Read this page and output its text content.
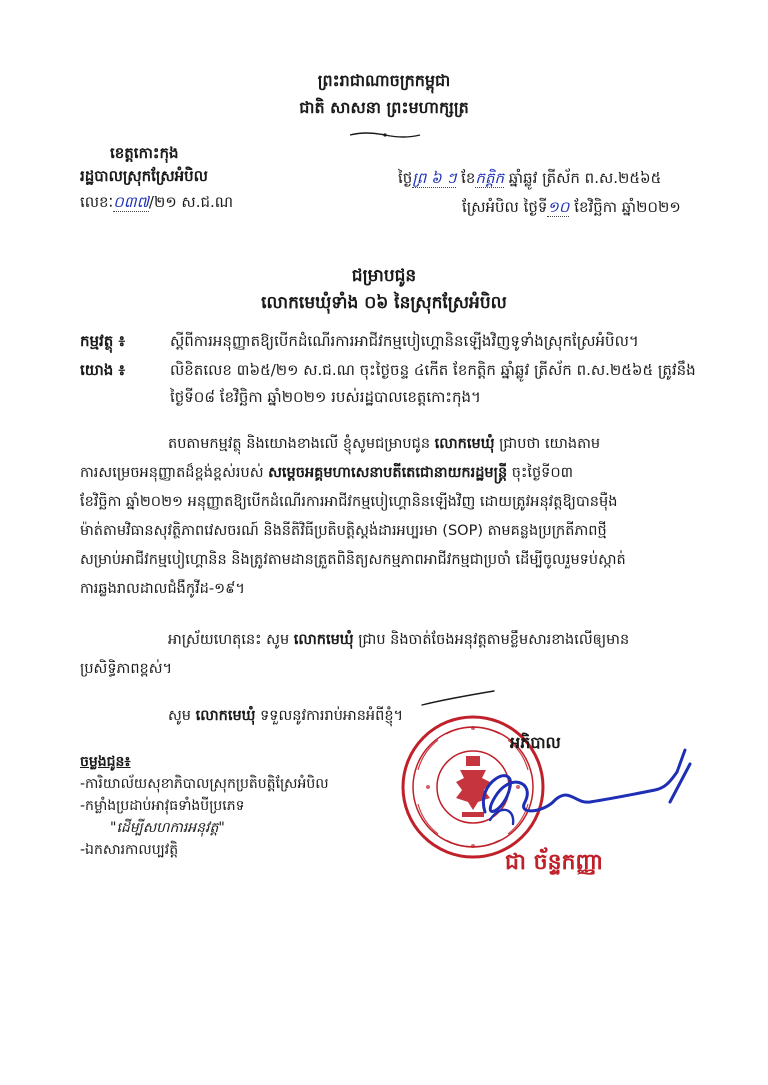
ព្រះរាជាណាចក្រកម្ពុជា
ជាតិ សាសនា ព្រះមហាក្សត្រ
ខេត្តកោះកុង
រដ្ឋបាលស្រុកស្រែអំបិល
លេខៈ០៣៧/២១ ស.ជ.ណ
ថ្ងៃព្រ ៦ ៗ ខែកត្តិក ឆ្នាំឆ្លូវ ត្រីស័ក ព.ស.២៥៦៥
ស្រែអំបិល ថ្ងៃទី១០ ខែវិច្ឆិកា ឆ្នាំ២០២១
ជម្រាបជូន
លោកមេឃុំទាំង ០៦ នៃស្រុកស្រែអំបិល
កម្មវត្ថុ ៖	ស្តីពីការអនុញ្ញាតឱ្យបើកដំណើរការអាជីវកម្មបៀហ្គោនិនឡើងវិញទូទាំងស្រុកស្រែអំបិល។
យោង ៖	លិខិតលេខ ៣៦៥/២១ ស.ជ.ណ ចុះថ្ងៃចន្ទ ៤កើត ខែកត្តិក ឆ្នាំឆ្លូវ ត្រីស័ក ព.ស.២៥៦៥ ត្រូវនឹង
ថ្ងៃទី០៨ ខែវិច្ឆិកា ឆ្នាំ២០២១ របស់រដ្ឋបាលខេត្តកោះកុង។
តបតាមកម្មវត្ថុ និងយោងខាងលើ ខ្ញុំសូមជម្រាបជូន លោកមេឃុំ ជ្រាបថា យោងតាម
ការសម្រេចអនុញ្ញាតដ៏ខ្ពង់ខ្ពស់របស់ សម្តេចអគ្គមហាសេនាបតីតេជោនាយករដ្ឋមន្ត្រី ចុះថ្ងៃទី០៣
ខែវិច្ឆិកា ឆ្នាំ២០២១ អនុញ្ញាតឱ្យបើកដំណើរការអាជីវកម្មបៀហ្គោនិនឡើងវិញ ដោយត្រូវអនុវត្តឱ្យបានម៉ឺង
ម៉ាត់តាមវិធានសុវត្ថិភាពវេសចរណ៍ និងនីតិវិធីប្រតិបត្តិស្តង់ដារអប្បរមា (SOP) តាមគន្លងប្រក្រតីភាពថ្មី
សម្រាប់អាជីវកម្មបៀហ្គោនិន និងត្រូវតាមដានត្រួតពិនិត្យសកម្មភាពអាជីវកម្មជាប្រចាំ ដើម្បីចូលរួមទប់ស្កាត់
ការឆ្លងរាលដាលជំងឺកូវីដ-១៩។
អាស្រ័យហេតុនេះ សូម លោកមេឃុំ ជ្រាប និងចាត់ចែងអនុវត្តតាមខ្លឹមសារខាងលើឲ្យមាន
ប្រសិទ្ធិភាពខ្ពស់។
សូម លោកមេឃុំ ទទួលនូវការរាប់អានអំពីខ្ញុំ។
អភិបាល
ជា ច័ន្ទកញ្ញា
ចម្លងជូន៖
-ការិយាល័យសុខាភិបាលស្រុកប្រតិបត្តិស្រែអំបិល
-កម្លាំងប្រដាប់អាវុធទាំងបីប្រភេទ
"ដើម្បីសហការអនុវត្ត"
-ឯកសារកាលប្បវត្តិ
